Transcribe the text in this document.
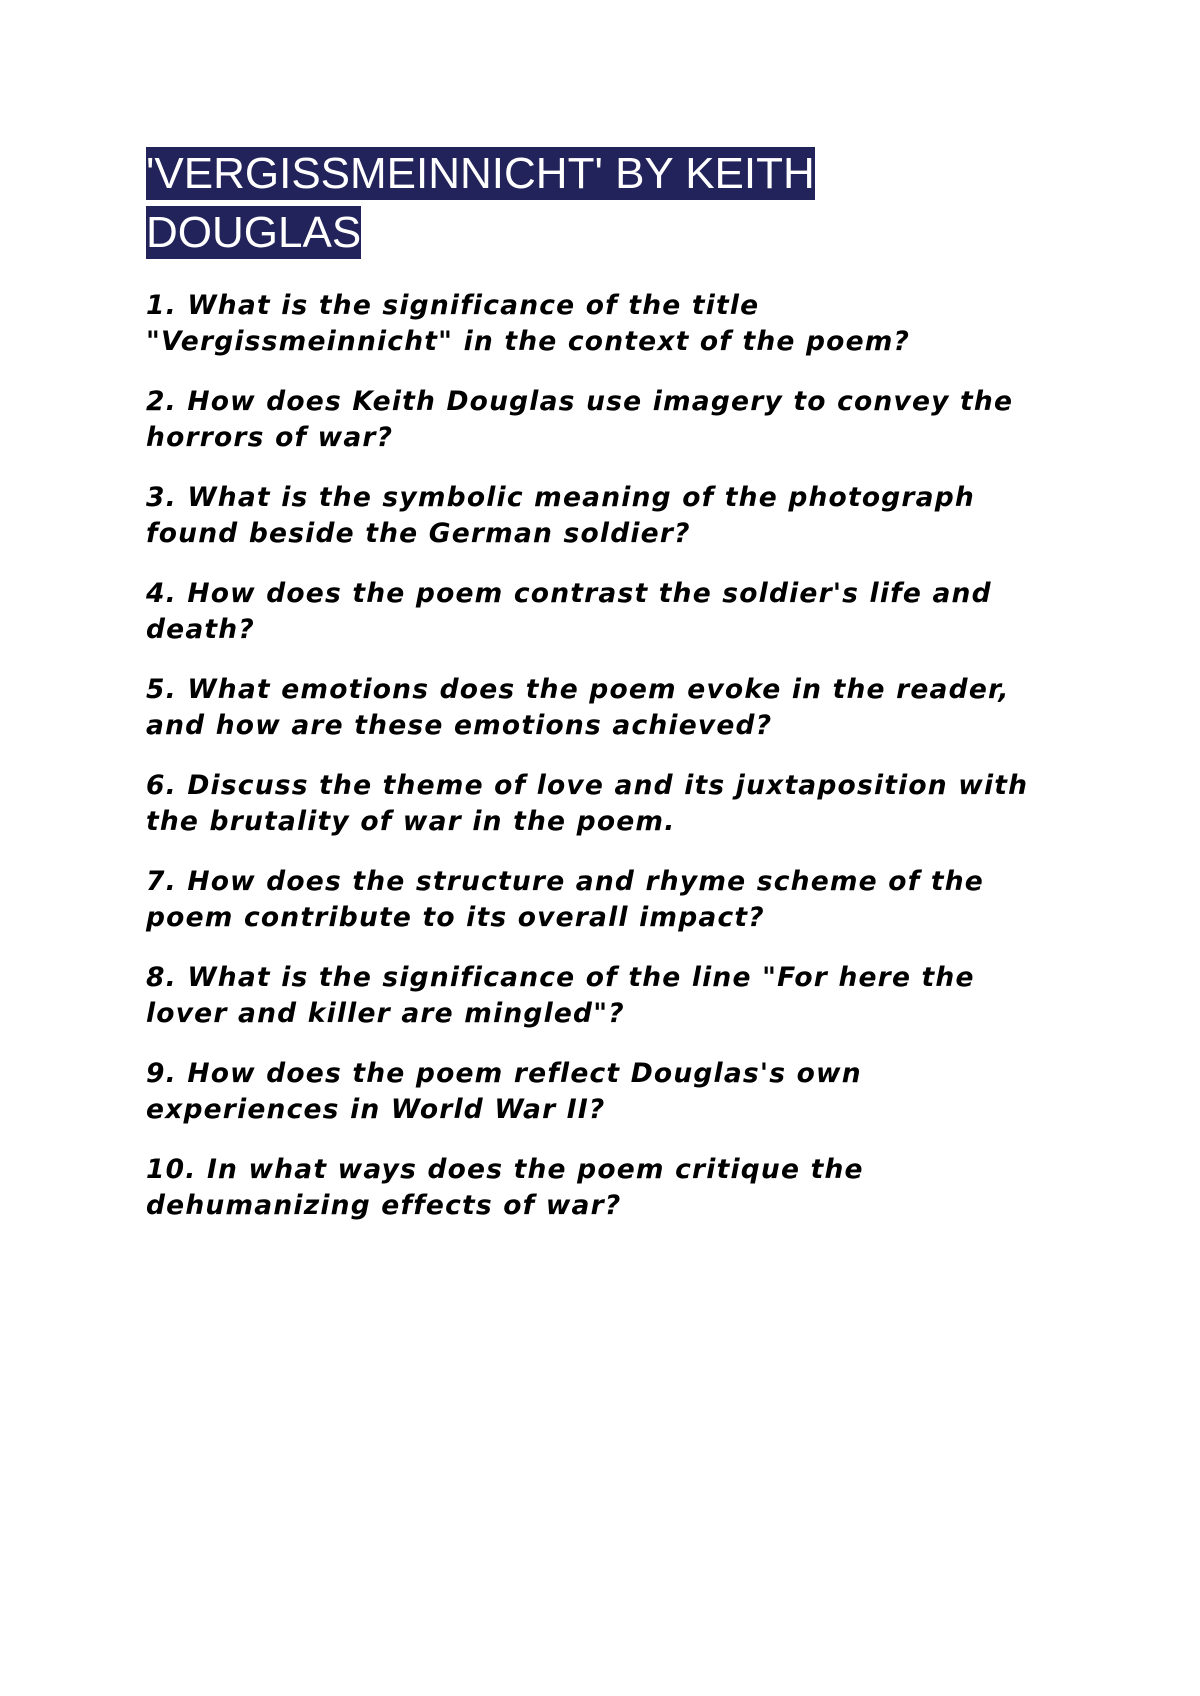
'VERGISSMEINNICHT' BY KEITH DOUGLAS
1. What is the significance of the title "Vergissmeinnicht" in the context of the poem?
2. How does Keith Douglas use imagery to convey the horrors of war?
3. What is the symbolic meaning of the photograph found beside the German soldier?
4. How does the poem contrast the soldier's life and death?
5. What emotions does the poem evoke in the reader, and how are these emotions achieved?
6. Discuss the theme of love and its juxtaposition with the brutality of war in the poem.
7. How does the structure and rhyme scheme of the poem contribute to its overall impact?
8. What is the significance of the line "For here the lover and killer are mingled"?
9. How does the poem reflect Douglas's own experiences in World War II?
10. In what ways does the poem critique the dehumanizing effects of war?
